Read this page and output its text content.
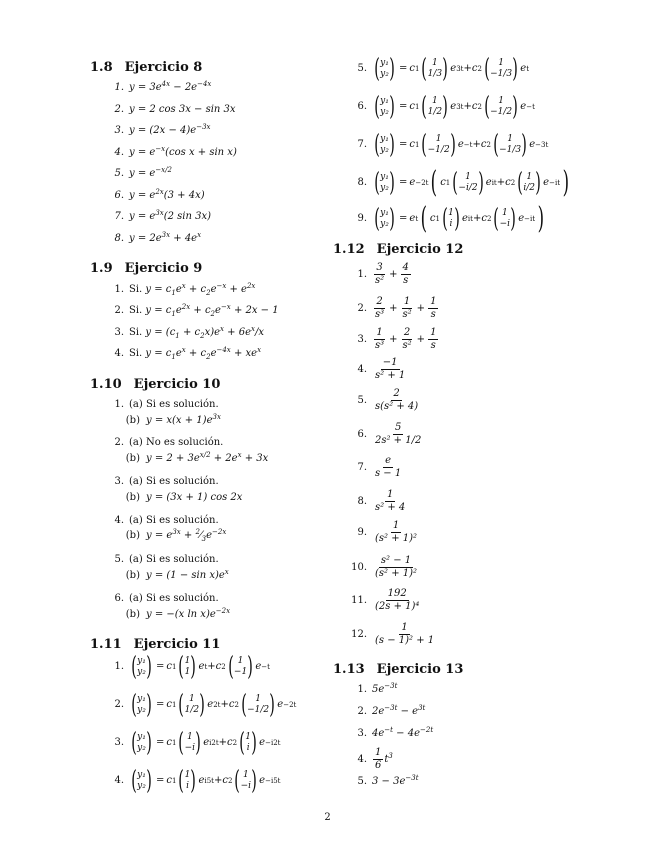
1.8 Ejercicio 8
1. $y = 3e^{4x} - 2e^{-4x}$
2. y = 2 cos 3x − sin 3x
3. $y = (2x - 4)e^{-3x}$
4. $y = e^{-x}(\cos$ x + sin x)
5. $y = e^{-x/2}$
6. $y = e^{2x}(3 + 4x)$
7. $y = e^{3x}(2$ sin 3x)
8. $y = 2e^{3x} + 4e^x$
1.9 Ejercicio 9
1. Si. $y = c_1e^x + c_2e^{-x} + e^{2x}$
2. Si. $y = c_1e^{2x} + c_2e^{-x} + 2x - 1$
3. Si. $y = (c_1 + c_2x)e^x + 6e^x/x$
4. Si. $y = c_1e^x + c_2e^{-4x} + xe^x$
1.10 Ejercicio 10
1. (a) Si es solución.
(b) $y = x(x + 1)e^{3x}$
2. (a) No es solución.
(b) $y = 2 + 3e^{x/2} + 2e^x + 3x$
3. (a) Si es solución.
(b) y = (3x + 1) cos 2x
4. (a) Si es solución.
(b) $y = e^{3x}$ + $^2⁄_3e^{-2x}$
5. (a) Si es solución.
(b) $y = (1 - \sin x)e^x$
6. (a) Si es solución.
(b) y = −(x $\ln x)e^{-2x}$
1.11 Ejercicio 11
1. ( y₁
y₂ ) = c 1 ( 1
1 ) e t + c 2 ( 1
−1 ) e −t
2. ( y₁
y₂ ) = c 1 ( 1
1/2 ) e 2t + c 2 ( 1
−1/2 ) e −2t
3. ( y₁
y₂ ) = c 1 ( 1
−i ) e i2t + c 2 ( 1
i ) e −i2t
4. ( y₁
y₂ ) = c 1 ( 1
i ) e i5t + c 2 ( 1
−i ) e −i5t
5. ( y₁
y₂ ) = c 1 ( 1
1/3 ) e 3t + c 2 ( 1
−1/3 ) e t
6. ( y₁
y₂ ) = c 1 ( 1
1/2 ) e 3t + c 2 ( 1
−1/2 ) e −t
7. ( y₁
y₂ ) = c 1 ( 1
−1/2 ) e −t + c 2 ( 1
−1/3 ) e −3t
8. ( y₁
y₂ ) = e −2t ( c 1 ( 1
−i/2 ) e it + c 2 ( 1
i/2 ) e −it )
9. ( y₁
y₂ ) = e t ( c 1 ( 1
i ) e it + c 2 ( 1
−i ) e −it )
1.12 Ejercicio 12
1. $\frac{3}{\text{s²}} + \frac{4}{s}$
2. $\frac{2}{\text{s³}} + \frac{1}{\text{s²}} + \frac{1}{s}$
3. $\frac{1}{\text{s³}} + \frac{2}{\text{s²}} + \frac{1}{s}$
4. $\frac{-1}{\text{s² + 1}}$
5. $\frac{2}{\text{s(s² + 4)}}$
6. $\frac{5}{\text{2s² + 1/2}}$
7. $\frac{e}{s - 1}$
8. $\frac{1}{\text{s² + 4}}$
9. $\frac{1}{\text{(s² + 1)²}}$
10. $\frac{\text{s² − 1}}{\text{(s² + 1)²}}$
11. $\frac{192}{\text{(2s + 1)⁴}}$
12. $\frac{1}{\text{(s − 1)² + 1}}$
1.13 Ejercicio 13
1. $5e^{-3t}$
2. $2e^{-3t} - e^{3t}$
3. $4e^{-t} - 4e^{-2t}$
4. $\frac{1}{6} t^3$
5. $3 - 3e^{-3t}$
2
